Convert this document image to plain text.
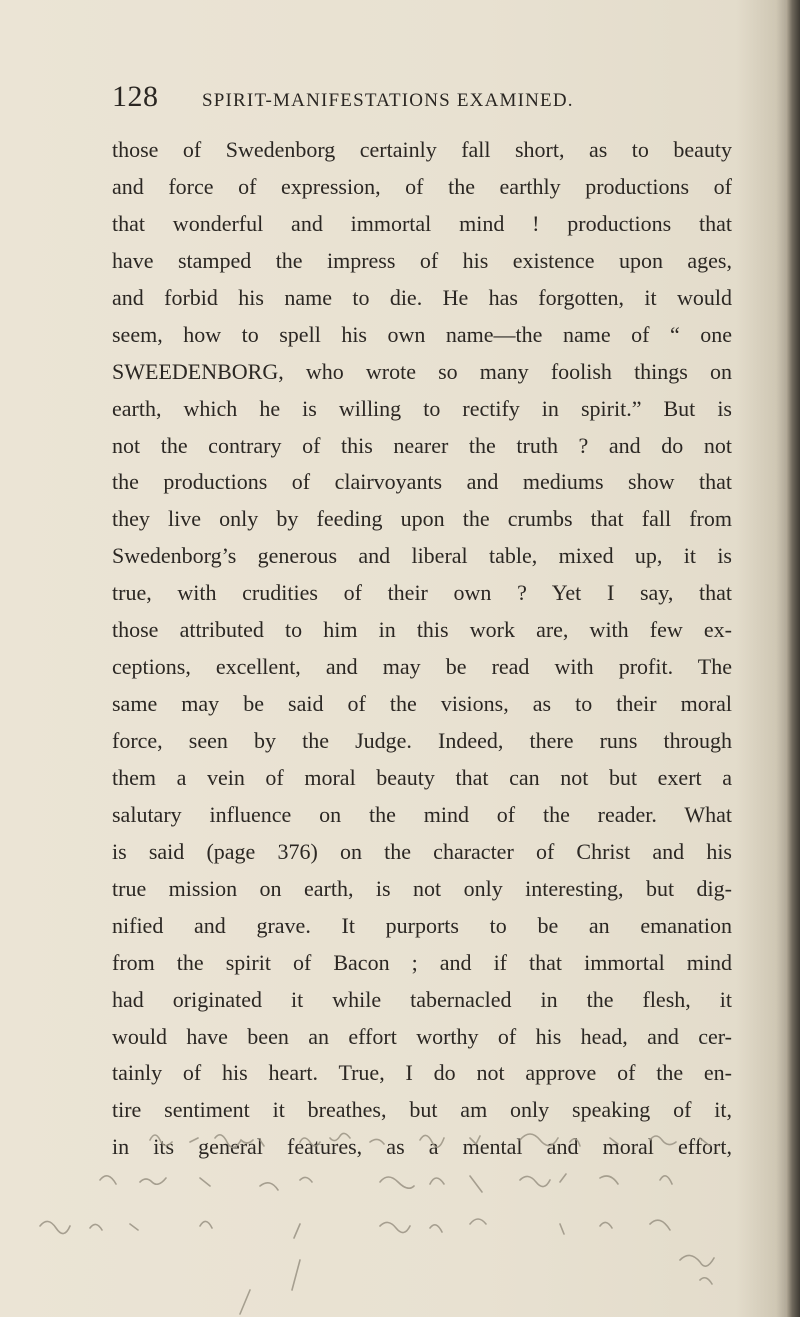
128 SPIRIT-MANIFESTATIONS EXAMINED.
those of Swedenborg certainly fall short, as to beauty
and force of expression, of the earthly productions of
that wonderful and immortal mind ! productions that
have stamped the impress of his existence upon ages,
and forbid his name to die. He has forgotten, it would
seem, how to spell his own name—the name of “ one
SWEEDENBORG, who wrote so many foolish things on
earth, which he is willing to rectify in spirit.” But is
not the contrary of this nearer the truth ? and do not
the productions of clairvoyants and mediums show that
they live only by feeding upon the crumbs that fall from
Swedenborg’s generous and liberal table, mixed up, it is
true, with crudities of their own ? Yet I say, that
those attributed to him in this work are, with few ex-
ceptions, excellent, and may be read with profit. The
same may be said of the visions, as to their moral
force, seen by the Judge. Indeed, there runs through
them a vein of moral beauty that can not but exert a
salutary influence on the mind of the reader. What
is said (page 376) on the character of Christ and his
true mission on earth, is not only interesting, but dig-
nified and grave. It purports to be an emanation
from the spirit of Bacon ; and if that immortal mind
had originated it while tabernacled in the flesh, it
would have been an effort worthy of his head, and cer-
tainly of his heart. True, I do not approve of the en-
tire sentiment it breathes, but am only speaking of it,
in its general features, as a mental and moral effort,
